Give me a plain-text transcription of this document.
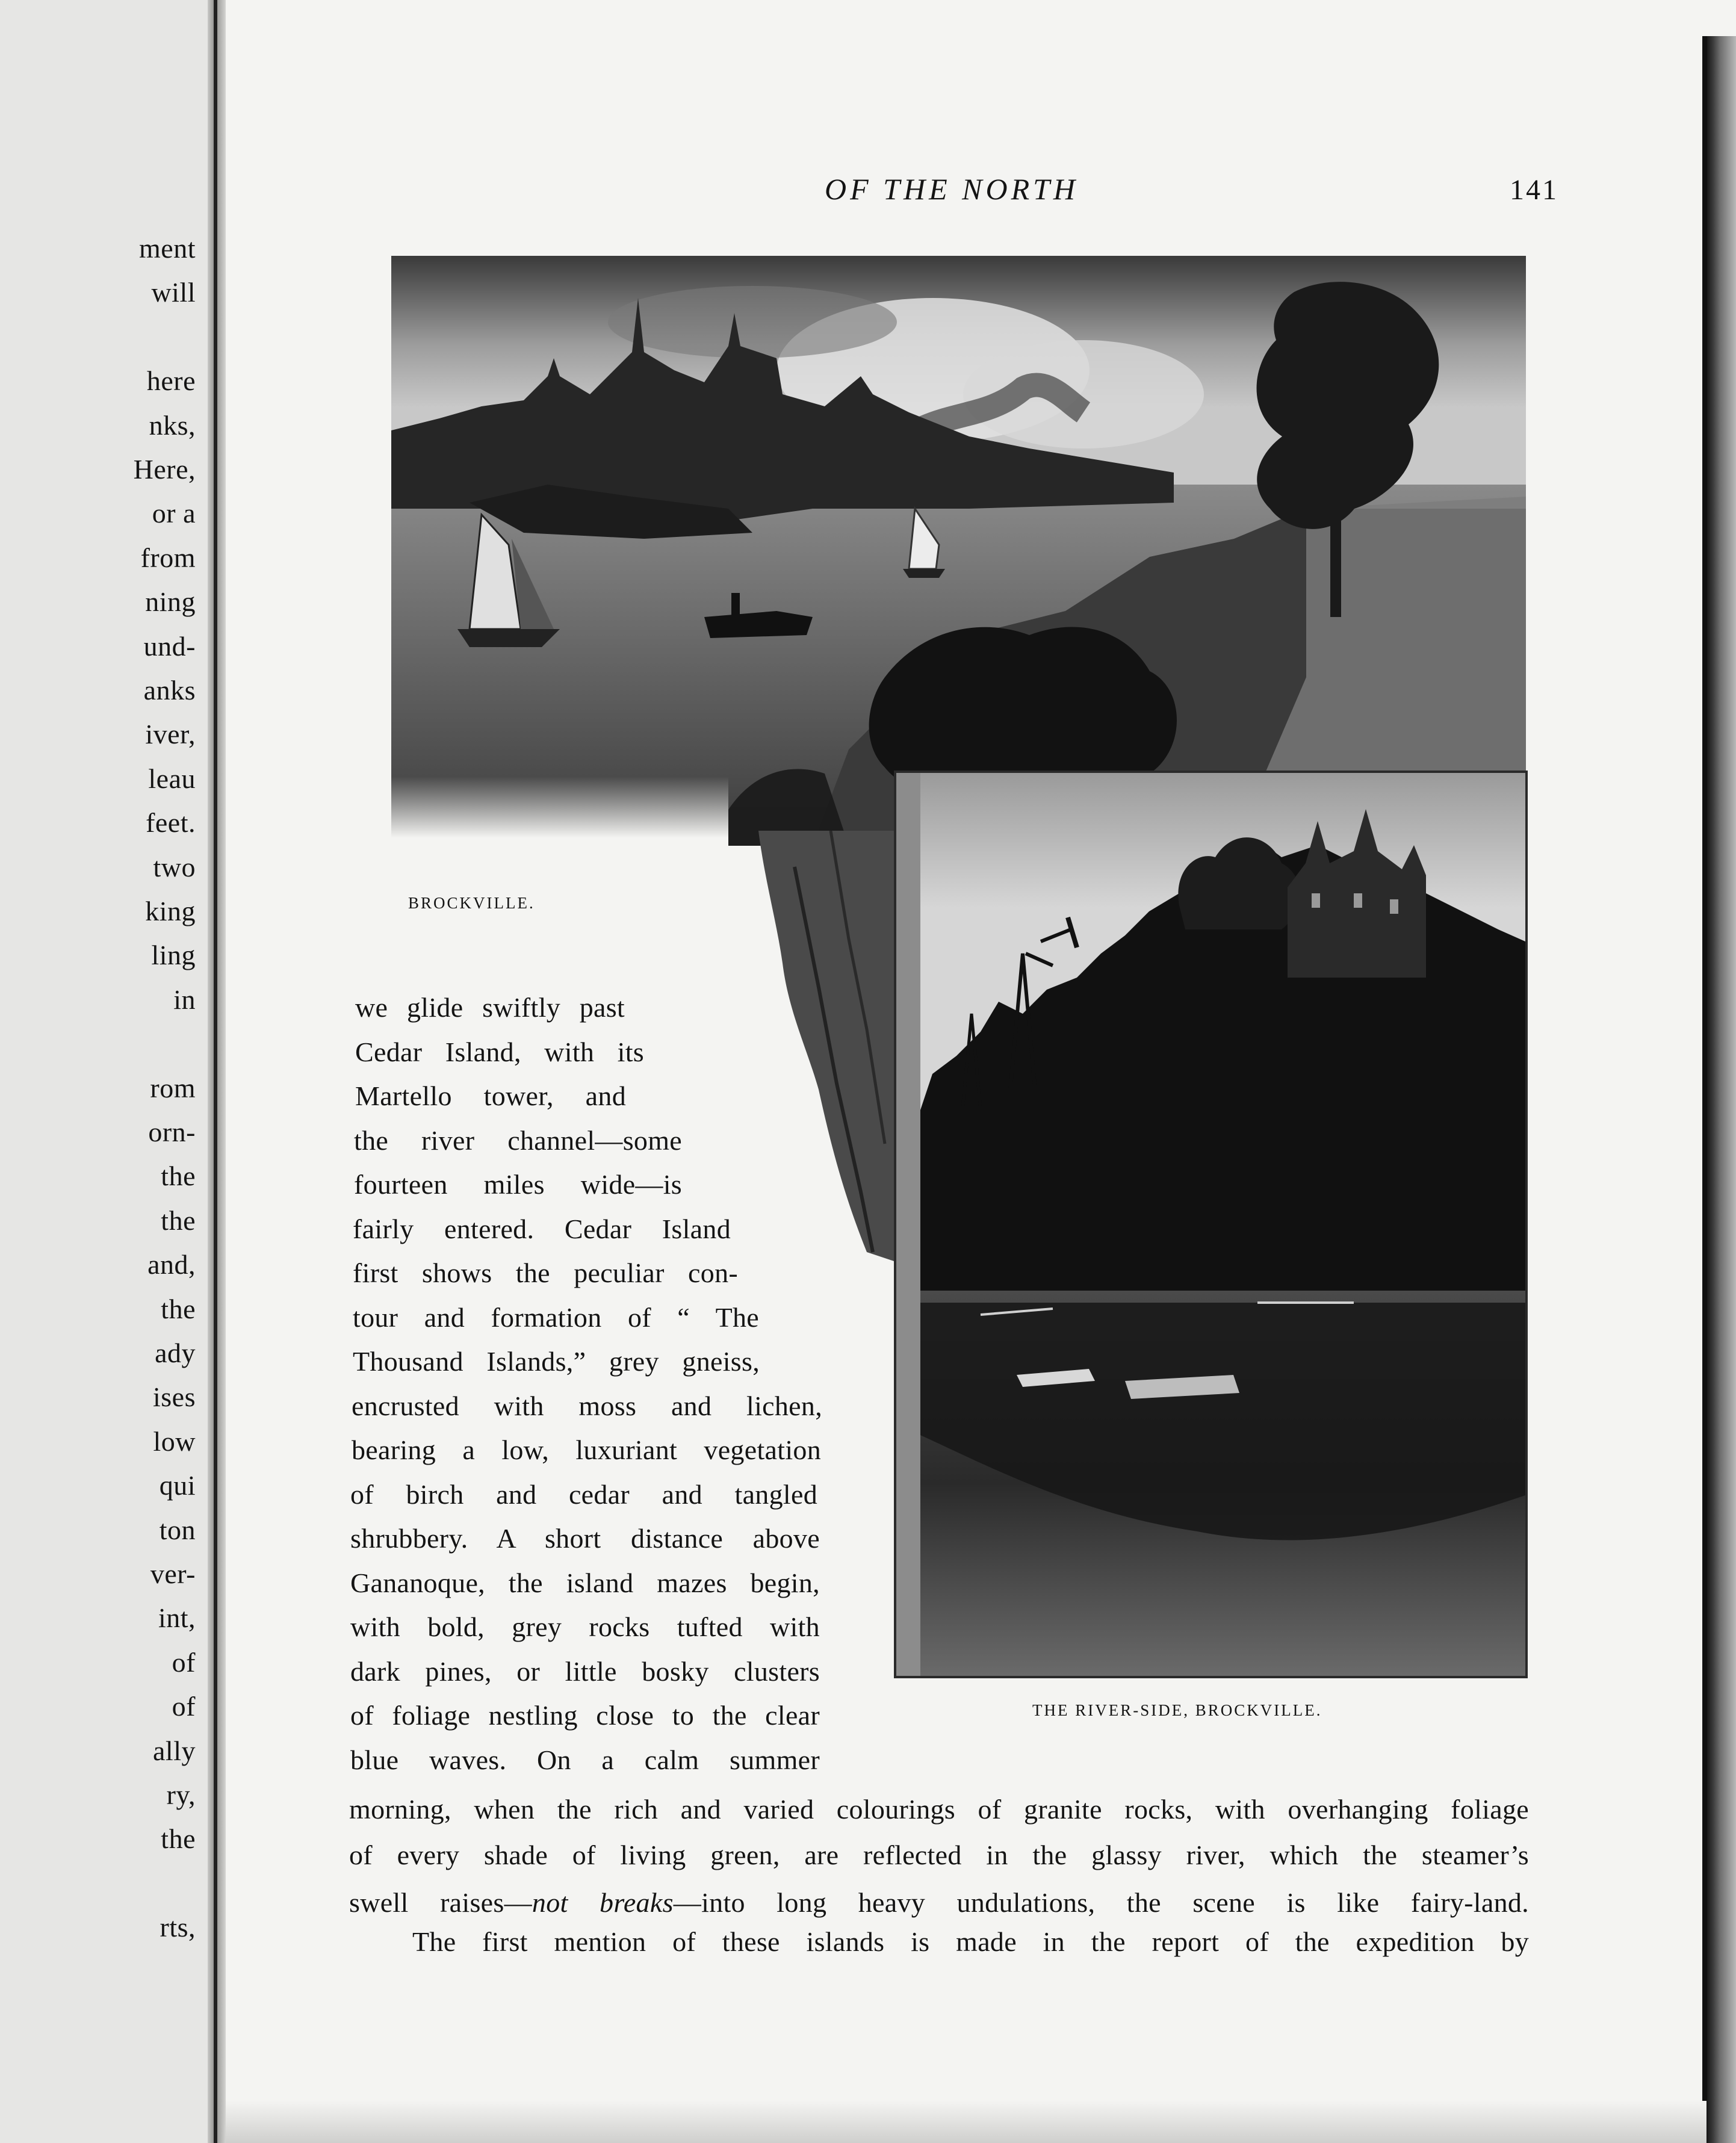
ment
will
here
nks,
Here,
or a
from
ning
und-
anks
iver,
leau
feet.
two
king
ling
in
rom
orn-
the
the
and,
the
ady
ises
low
qui
ton
ver-
int,
of
of
ally
ry,
the
rts,
OF THE NORTH	141
BROCKVILLE.
THE RIVER-SIDE, BROCKVILLE.
we glide swiftly past
Cedar Island, with its
Martello tower, and
the river channel—some
fourteen miles wide—is
fairly entered. Cedar Island
first shows the peculiar con-
tour and formation of “ The
Thousand Islands,” grey gneiss,
encrusted with moss and lichen,
bearing a low, luxuriant vegetation
of birch and cedar and tangled
shrubbery. A short distance above
Gananoque, the island mazes begin,
with bold, grey rocks tufted with
dark pines, or little bosky clusters
of foliage nestling close to the clear
blue waves. On a calm summer
morning, when the rich and varied colourings of granite rocks, with overhanging foliage
of every shade of living green, are reflected in the glassy river, which the steamer’s
swell raises—not breaks—into long heavy undulations, the scene is like fairy-land.
The first mention of these islands is made in the report of the expedition by
